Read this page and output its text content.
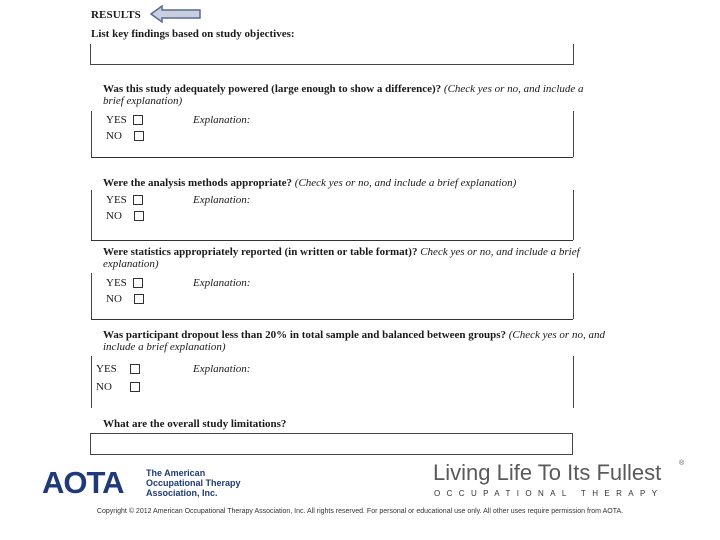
RESULTS
List key findings based on study objectives:
Was this study adequately powered (large enough to show a difference)? (Check yes or no, and include a brief explanation)
YES
NO
Explanation:
Were the analysis methods appropriate? (Check yes or no, and include a brief explanation)
YES
NO
Explanation:
Were statistics appropriately reported (in written or table format)? Check yes or no, and include a brief explanation)
YES
NO
Explanation:
Was participant dropout less than 20% in total sample and balanced between groups? (Check yes or no, and include a brief explanation)
YES
NO
Explanation:
What are the overall study limitations?
AOTA The American
Occupational Therapy
Association, Inc.
Living Life To Its Fullest	®
OCCUPATIONAL THERAPY
Copyright © 2012 American Occupational Therapy Association, Inc. All rights reserved. For personal or educational use only. All other uses require permission from AOTA.
